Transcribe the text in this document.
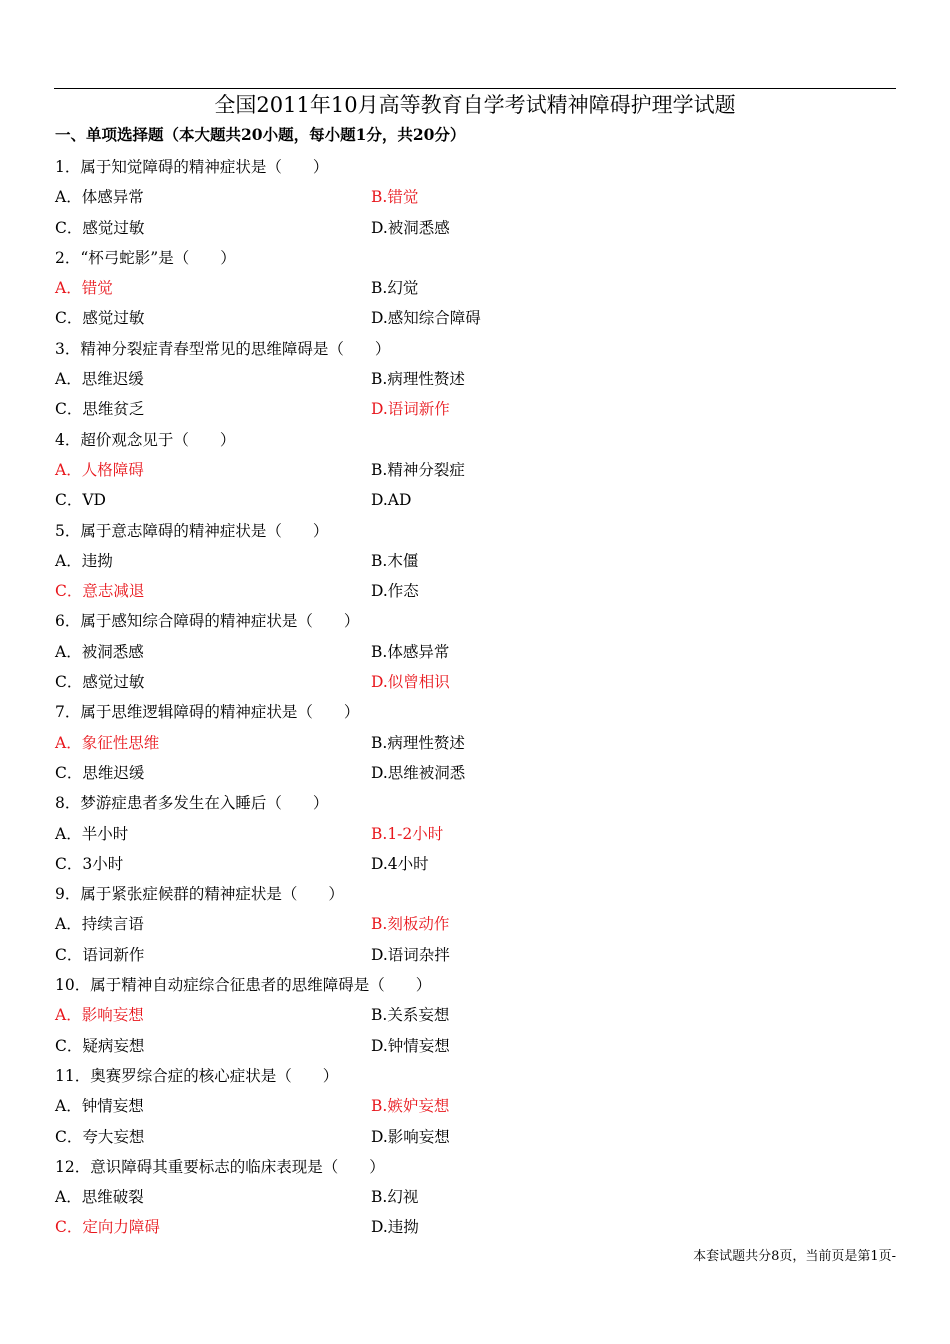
全国2011年10月高等教育自学考试精神障碍护理学试题
一、单项选择题（本大题共20小题，每小题1分，共20分）
1．属于知觉障碍的精神症状是（　　）
A．体感异常	B.错觉
C．感觉过敏	D.被洞悉感
2．“杯弓蛇影”是（　　）
A．错觉	B.幻觉
C．感觉过敏	D.感知综合障碍
3．精神分裂症青春型常见的思维障碍是（　　）
A．思维迟缓	B.病理性赘述
C．思维贫乏	D.语词新作
4．超价观念见于（　　）
A．人格障碍	B.精神分裂症
C．VD	D.AD
5．属于意志障碍的精神症状是（　　）
A．违拗	B.木僵
C．意志减退	D.作态
6．属于感知综合障碍的精神症状是（　　）
A．被洞悉感	B.体感异常
C．感觉过敏	D.似曾相识
7．属于思维逻辑障碍的精神症状是（　　）
A．象征性思维	B.病理性赘述
C．思维迟缓	D.思维被洞悉
8．梦游症患者多发生在入睡后（　　）
A．半小时	B.1-2小时
C．3小时	D.4小时
9．属于紧张症候群的精神症状是（　　）
A．持续言语	B.刻板动作
C．语词新作	D.语词杂拌
10．属于精神自动症综合征患者的思维障碍是（　　）
A．影响妄想	B.关系妄想
C．疑病妄想	D.钟情妄想
11．奥赛罗综合症的核心症状是（　　）
A．钟情妄想	B.嫉妒妄想
C．夸大妄想	D.影响妄想
12．意识障碍其重要标志的临床表现是（　　）
A．思维破裂	B.幻视
C．定向力障碍	D.违拗
本套试题共分8页，当前页是第1页-
